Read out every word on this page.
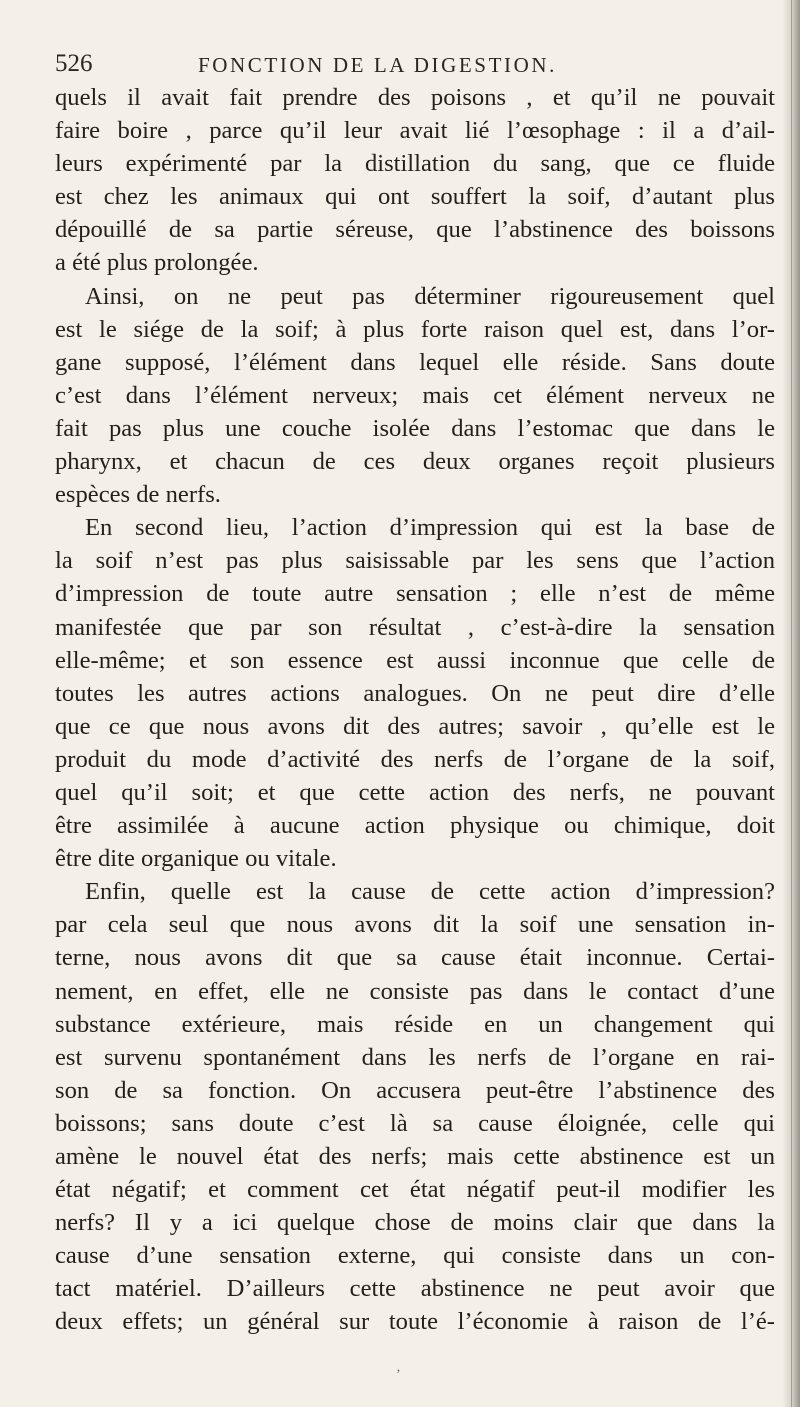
526	FONCTION DE LA DIGESTION.
quels il avait fait prendre des poisons , et qu’il ne pouvait
faire boire , parce qu’il leur avait lié l’œsophage : il a d’ail-
leurs expérimenté par la distillation du sang, que ce fluide
est chez les animaux qui ont souffert la soif, d’autant plus
dépouillé de sa partie séreuse, que l’abstinence des boissons
a été plus prolongée.
Ainsi, on ne peut pas déterminer rigoureusement quel
est le siége de la soif; à plus forte raison quel est, dans l’or-
gane supposé, l’élément dans lequel elle réside. Sans doute
c’est dans l’élément nerveux; mais cet élément nerveux ne
fait pas plus une couche isolée dans l’estomac que dans le
pharynx, et chacun de ces deux organes reçoit plusieurs
espèces de nerfs.
En second lieu, l’action d’impression qui est la base de
la soif n’est pas plus saisissable par les sens que l’action
d’impression de toute autre sensation ; elle n’est de même
manifestée que par son résultat , c’est-à-dire la sensation
elle-même; et son essence est aussi inconnue que celle de
toutes les autres actions analogues. On ne peut dire d’elle
que ce que nous avons dit des autres; savoir , qu’elle est le
produit du mode d’activité des nerfs de l’organe de la soif,
quel qu’il soit; et que cette action des nerfs, ne pouvant
être assimilée à aucune action physique ou chimique, doit
être dite organique ou vitale.
Enfin, quelle est la cause de cette action d’impression?
par cela seul que nous avons dit la soif une sensation in-
terne, nous avons dit que sa cause était inconnue. Certai-
nement, en effet, elle ne consiste pas dans le contact d’une
substance extérieure, mais réside en un changement qui
est survenu spontanément dans les nerfs de l’organe en rai-
son de sa fonction. On accusera peut-être l’abstinence des
boissons; sans doute c’est là sa cause éloignée, celle qui
amène le nouvel état des nerfs; mais cette abstinence est un
état négatif; et comment cet état négatif peut-il modifier les
nerfs? Il y a ici quelque chose de moins clair que dans la
cause d’une sensation externe, qui consiste dans un con-
tact matériel. D’ailleurs cette abstinence ne peut avoir que
deux effets; un général sur toute l’économie à raison de l’é-
‚
